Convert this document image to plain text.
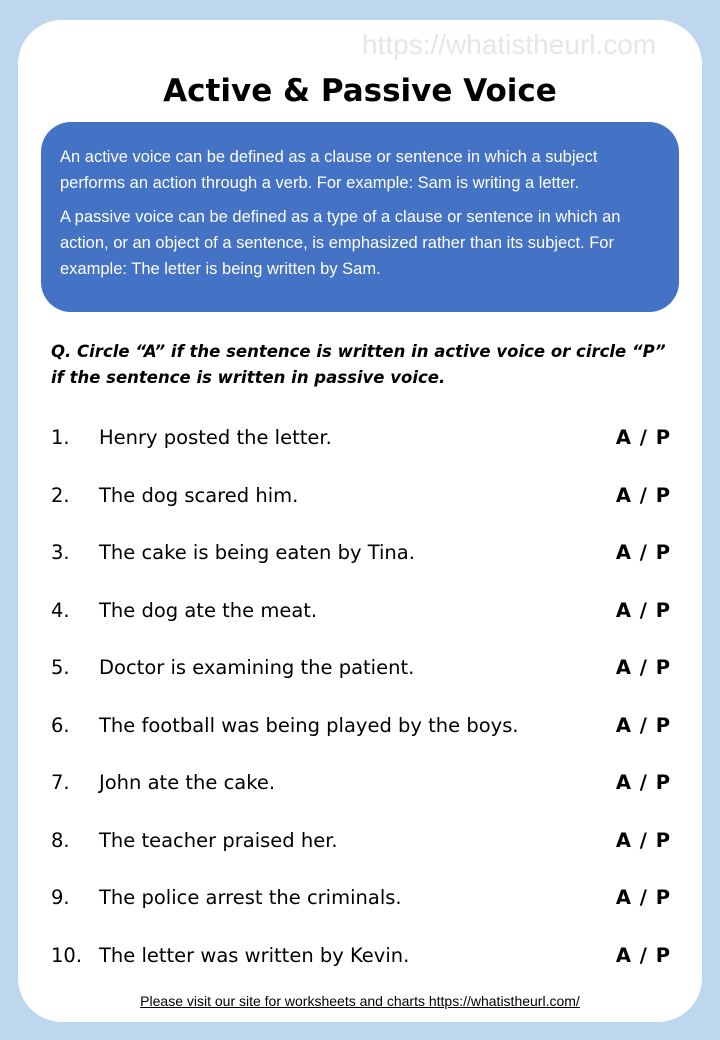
https://whatistheurl.com
Active & Passive Voice

An active voice can be defined as a clause or sentence in which a subject performs an action through a verb. For example: Sam is writing a letter.

A passive voice can be defined as a type of a clause or sentence in which an action, or an object of a sentence, is emphasized rather than its subject. For example: The letter is being written by Sam.

Q. Circle “A” if the sentence is written in active voice or circle “P” if the sentence is written in passive voice.
1. Henry posted the letter.	A / P
2. The dog scared him.	A / P
3. The cake is being eaten by Tina.	A / P
4. The dog ate the meat.	A / P
5. Doctor is examining the patient.	A / P
6. The football was being played by the boys.	A / P
7. John ate the cake.	A / P
8. The teacher praised her.	A / P
9. The police arrest the criminals.	A / P
10. The letter was written by Kevin.	A / P
Please visit our site for worksheets and charts https://whatistheurl.com/
